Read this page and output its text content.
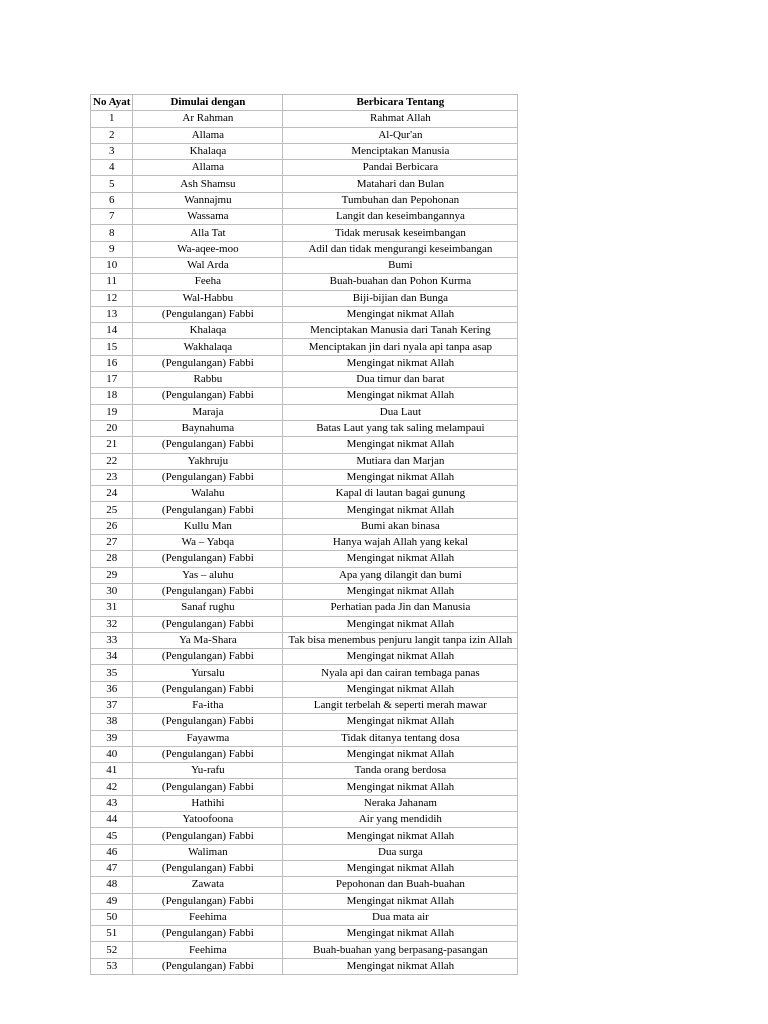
No Ayat	Dimulai dengan	Berbicara Tentang
1	Ar Rahman	Rahmat Allah
2	Allama	Al-Qur'an
3	Khalaqa	Menciptakan Manusia
4	Allama	Pandai Berbicara
5	Ash Shamsu	Matahari dan Bulan
6	Wannajmu	Tumbuhan dan Pepohonan
7	Wassama	Langit dan keseimbangannya
8	Alla Tat	Tidak merusak keseimbangan
9	Wa-aqee-moo	Adil dan tidak mengurangi keseimbangan
10	Wal Arda	Bumi
11	Feeha	Buah-buahan dan Pohon Kurma
12	Wal-Habbu	Biji-bijian dan Bunga
13	(Pengulangan) Fabbi	Mengingat nikmat Allah
14	Khalaqa	Menciptakan Manusia dari Tanah Kering
15	Wakhalaqa	Menciptakan jin dari nyala api tanpa asap
16	(Pengulangan) Fabbi	Mengingat nikmat Allah
17	Rabbu	Dua timur dan barat
18	(Pengulangan) Fabbi	Mengingat nikmat Allah
19	Maraja	Dua Laut
20	Baynahuma	Batas Laut yang tak saling melampaui
21	(Pengulangan) Fabbi	Mengingat nikmat Allah
22	Yakhruju	Mutiara dan Marjan
23	(Pengulangan) Fabbi	Mengingat nikmat Allah
24	Walahu	Kapal di lautan bagai gunung
25	(Pengulangan) Fabbi	Mengingat nikmat Allah
26	Kullu Man	Bumi akan binasa
27	Wa – Yabqa	Hanya wajah Allah yang kekal
28	(Pengulangan) Fabbi	Mengingat nikmat Allah
29	Yas – aluhu	Apa yang dilangit dan bumi
30	(Pengulangan) Fabbi	Mengingat nikmat Allah
31	Sanaf rughu	Perhatian pada Jin dan Manusia
32	(Pengulangan) Fabbi	Mengingat nikmat Allah
33	Ya Ma-Shara	Tak bisa menembus penjuru langit tanpa izin Allah
34	(Pengulangan) Fabbi	Mengingat nikmat Allah
35	Yursalu	Nyala api dan cairan tembaga panas
36	(Pengulangan) Fabbi	Mengingat nikmat Allah
37	Fa-itha	Langit terbelah & seperti merah mawar
38	(Pengulangan) Fabbi	Mengingat nikmat Allah
39	Fayawma	Tidak ditanya tentang dosa
40	(Pengulangan) Fabbi	Mengingat nikmat Allah
41	Yu-rafu	Tanda orang berdosa
42	(Pengulangan) Fabbi	Mengingat nikmat Allah
43	Hathihi	Neraka Jahanam
44	Yatoofoona	Air yang mendidih
45	(Pengulangan) Fabbi	Mengingat nikmat Allah
46	Waliman	Dua surga
47	(Pengulangan) Fabbi	Mengingat nikmat Allah
48	Zawata	Pepohonan dan Buah-buahan
49	(Pengulangan) Fabbi	Mengingat nikmat Allah
50	Feehima	Dua mata air
51	(Pengulangan) Fabbi	Mengingat nikmat Allah
52	Feehima	Buah-buahan yang berpasang-pasangan
53	(Pengulangan) Fabbi	Mengingat nikmat Allah
